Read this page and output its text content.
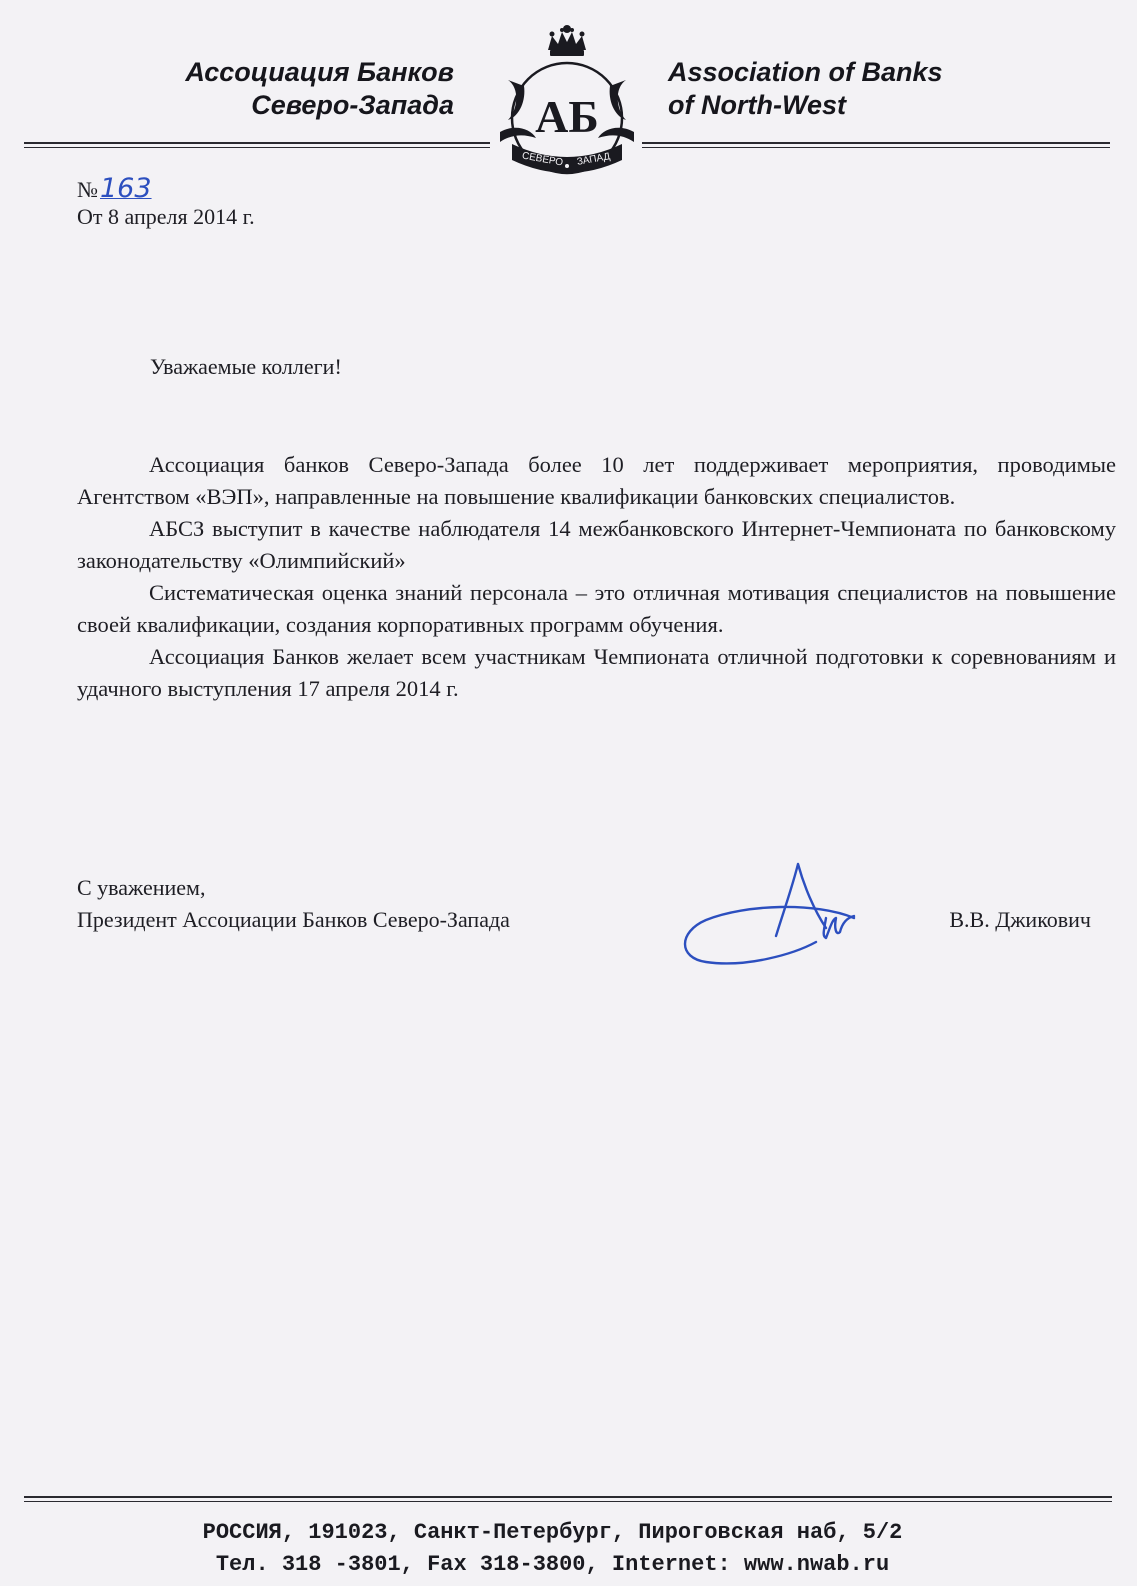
Ассоциация Банков
Северо-Запада АБ
СЕВЕРО ЗАПАД
Association of Banks
of North-West
№163
От 8 апреля 2014 г.
Уважаемые коллеги!

Ассоциация банков Северо-Запада более 10 лет поддерживает мероприятия, проводимые Агентством «ВЭП», направленные на повышение квалификации банковских специалистов.

АБСЗ выступит в качестве наблюдателя 14 межбанковского Интернет-Чемпионата по банковскому законодательству «Олимпийский»

Систематическая оценка знаний персонала – это отличная мотивация специалистов на повышение своей квалификации, создания корпоративных программ обучения.

Ассоциация Банков желает всем участникам Чемпионата отличной подготовки к соревнованиям и удачного выступления 17 апреля 2014 г.

С уважением,
Президент Ассоциации Банков Северо-Запада	В.В. Джикович
РОССИЯ, 191023, Санкт-Петербург, Пироговская наб, 5/2
Тел. 318 -3801, Fax 318-3800, Internet: www.nwab.ru
